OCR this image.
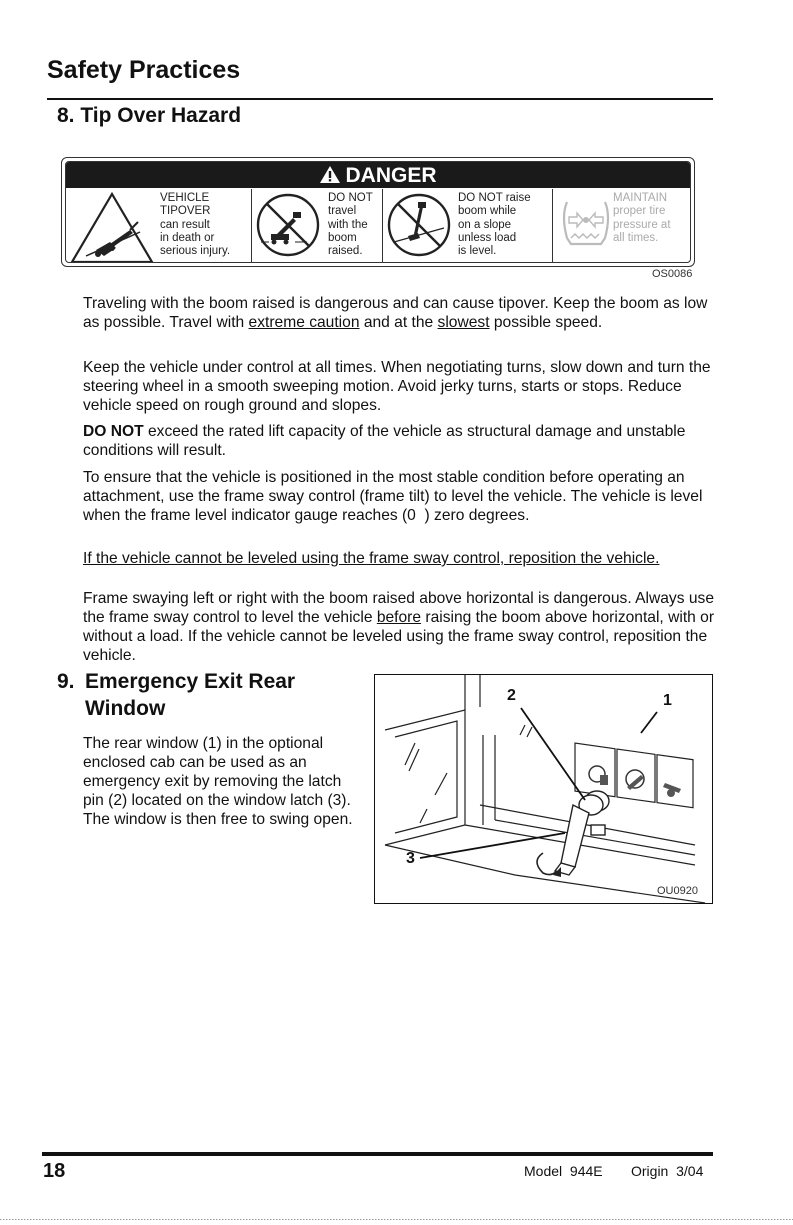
Safety Practices
8. Tip Over Hazard
DANGER
VEHICLE
TIPOVER
can result
in death or
serious injury.
DO NOT
travel
with the
boom
raised.
DO NOT raise
boom while
on a slope
unless load
is level.
MAINTAIN
proper tire
pressure at
all times.
OS0086

Traveling with the boom raised is dangerous and can cause tipover. Keep the boom as low as possible. Travel with extreme caution and at the slowest possible speed.

Keep the vehicle under control at all times. When negotiating turns, slow down and turn the steering wheel in a smooth sweeping motion. Avoid jerky turns, starts or stops. Reduce vehicle speed on rough ground and slopes.

DO NOT exceed the rated lift capacity of the vehicle as structural damage and unstable conditions will result.

To ensure that the vehicle is positioned in the most stable condition before operating an attachment, use the frame sway control (frame tilt) to level the vehicle. The vehicle is level when the frame level indicator gauge reaches (0  ) zero degrees.
If the vehicle cannot be leveled using the frame sway control, reposition the vehicle.

Frame swaying left or right with the boom raised above horizontal is dangerous. Always use the frame sway control to level the vehicle before raising the boom above horizontal, with or without a load. If the vehicle cannot be leveled using the frame sway control, reposition the vehicle.

9. Emergency Exit Rear
Window
The rear window (1) in the optional enclosed cab can be used as an emergency exit by removing the latch pin (2) located on the window latch (3). The window is then free to swing open.
2	1
3
OU0920
18	Model  944E Origin  3/04
